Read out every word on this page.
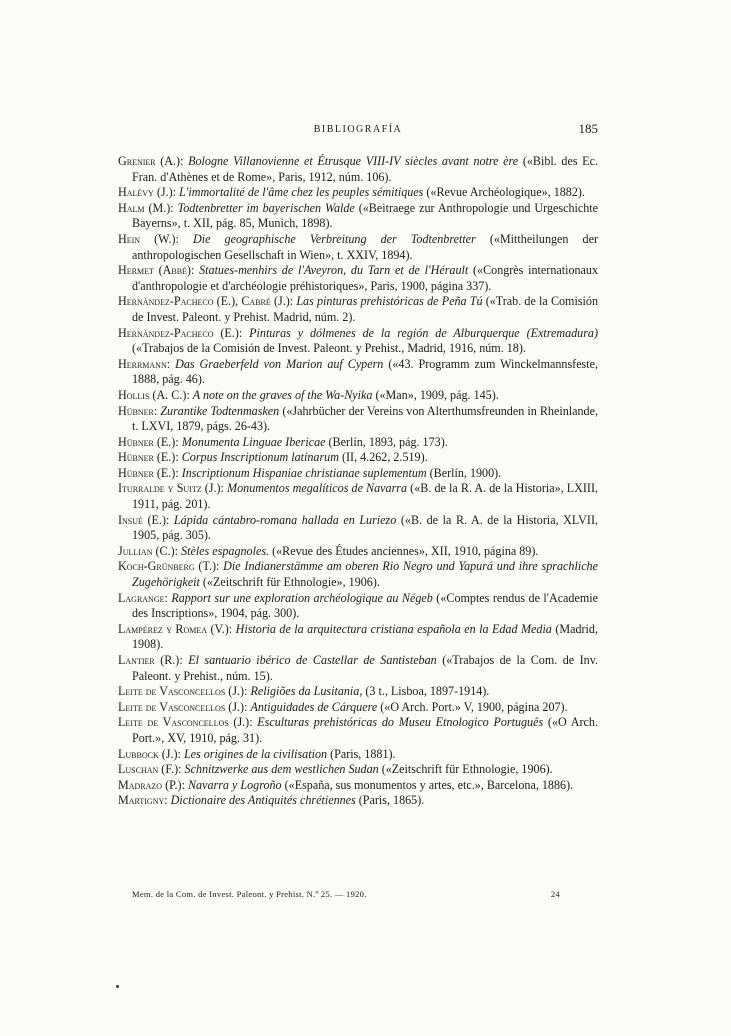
BIBLIOGRAFÍA	185
Grenier (A.): Bologne Villanovienne et Étrusque VIII-IV siècles avant notre ère («Bibl. des Ec. Fran. d'Athènes et de Rome», Paris, 1912, núm. 106).
Halévy (J.): L'immortalité de l'âme chez les peuples sémitiques («Revue Archéologique», 1882).
Halm (M.): Todtenbretter im bayerischen Walde («Beitraege zur Anthropologie und Urgeschichte Bayerns», t. XII, pág. 85, Munich, 1898).
Hein (W.): Die geographische Verbreitung der Todtenbretter («Mittheilungen der anthropologischen Gesellschaft in Wien», t. XXIV, 1894).
Hermet (Abbé): Statues-menhirs de l'Aveyron, du Tarn et de l'Hérault («Congrès internationaux d'anthropologie et d'archéologie préhistoriques», Paris, 1900, página 337).
Hernández-Pacheco (E.), Cabré (J.): Las pinturas prehistóricas de Peña Tú («Trab. de la Comisión de Invest. Paleont. y Prehist. Madrid, núm. 2).
Hernández-Pacheco (E.): Pinturas y dólmenes de la región de Alburquerque (Extremadura) («Trabajos de la Comisión de Invest. Paleont. y Prehist., Madrid, 1916, núm. 18).
Herrmann: Das Graeberfeld von Marion auf Cypern («43. Programm zum Winckelmannsfeste, 1888, pág. 46).
Hollis (A. C.): A note on the graves of the Wa-Nyika («Man», 1909, pág. 145).
Hübner: Zurantike Todtenmasken («Jahrbücher der Vereins von Alterthumsfreunden in Rheinlande, t. LXVI, 1879, págs. 26-43).
Hübner (E.): Monumenta Linguae Ibericae (Berlín, 1893, pág. 173).
Hübner (E.): Corpus Inscriptionum latinarum (II, 4.262, 2.519).
Hübner (E.): Inscriptionum Hispaniae christianae suplementum (Berlín, 1900).
Iturralde y Suitz (J.): Monumentos megalíticos de Navarra («B. de la R. A. de la Historia», LXIII, 1911, pág. 201).
Insué (E.): Lápida cántabro-romana hallada en Luriezo («B. de la R. A. de la Historia, XLVII, 1905, pág. 305).
Jullian (C.): Stèles espagnoles. («Revue des Études anciennes», XII, 1910, página 89).
Koch-Grünberg (T.): Die Indianerstämme am oberen Rio Negro und Yapurá und ihre sprachliche Zugehörigkeit («Zeitschrift für Ethnologie», 1906).
Lagrange: Rapport sur une exploration archéologique au Négeb («Comptes rendus de l'Academie des Inscriptions», 1904, pág. 300).
Lampérez y Romea (V.): Historia de la arquitectura cristiana española en la Edad Media (Madrid, 1908).
Lantier (R.): El santuario ibérico de Castellar de Santisteban («Trabajos de la Com. de Inv. Paleont. y Prehist., núm. 15).
Leite de Vasconcellos (J.): Religiões da Lusitania, (3 t., Lisboa, 1897-1914).
Leite de Vasconcellos (J.): Antiguidades de Cárquere («O Arch. Port.» V, 1900, página 207).
Leite de Vasconcellos (J.): Esculturas prehistóricas do Museu Etnologico Português («O Arch. Port.», XV, 1910, pág. 31).
Lubbock (J.): Les origines de la civilisation (Paris, 1881).
Luschan (F.): Schnitzwerke aus dem westlichen Sudan («Zeitschrift für Ethnologie, 1906).
Madrazo (P.): Navarra y Logroño («España, sus monumentos y artes, etc.», Barcelona, 1886).
Martigny: Dictionaire des Antiquités chrétiennes (Paris, 1865).
Mem. de la Com. de Invest. Paleont. y Prehist. N.º 25. — 1920.	24
